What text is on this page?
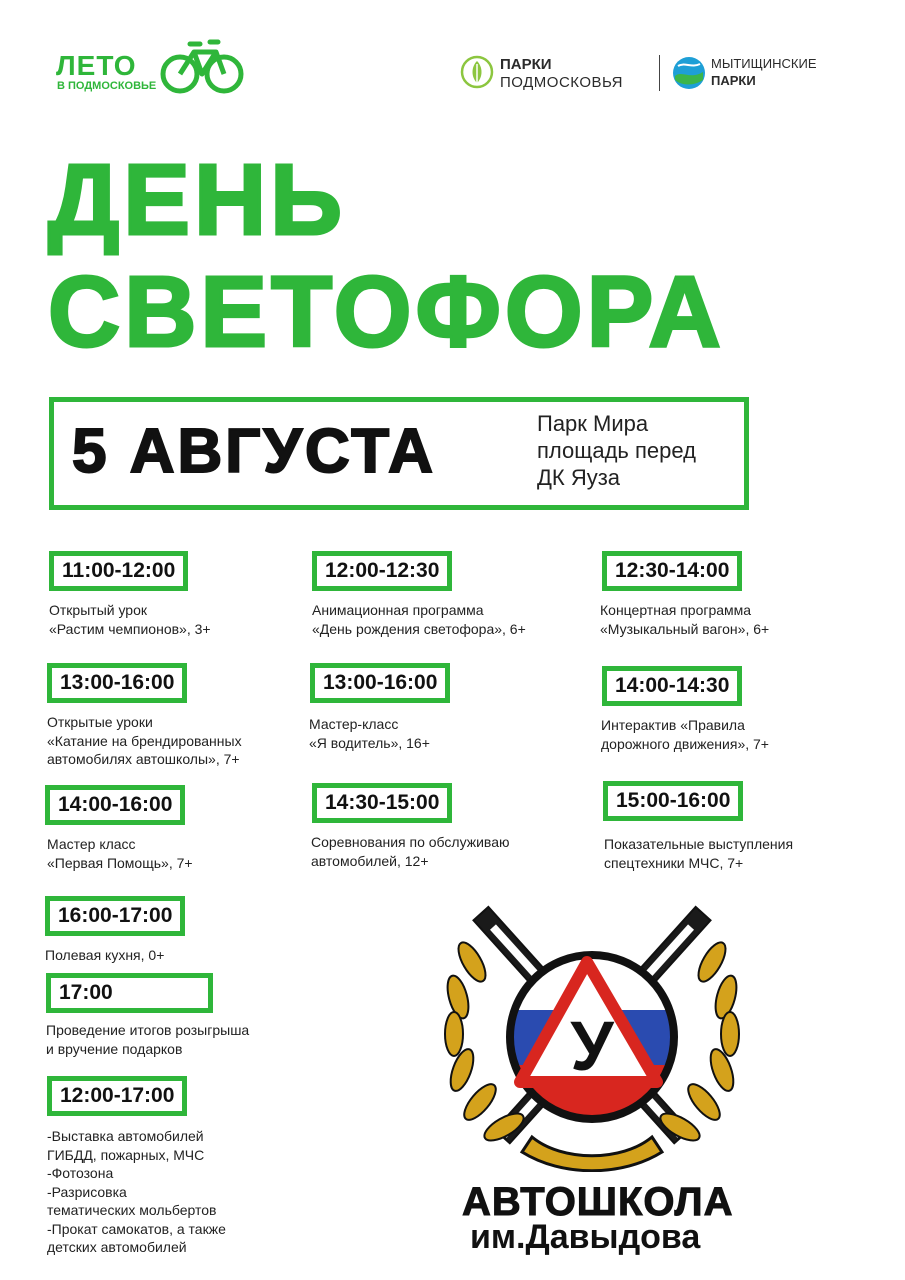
ЛЕТО
В ПОДМОСКОВЬЕ
ПАРКИ
ПОДМОСКОВЬЯ
МЫТИЩИНСКИЕ
ПАРКИ
ДЕНЬ
СВЕТОФОРА
5 АВГУСТА	Парк Мира
площадь перед
ДК Яуза
11:00-12:00
Открытый урок
«Растим чемпионов», 3+
12:00-12:30
Анимационная программа
«День рождения светофора», 6+
12:30-14:00
Концертная программа
«Музыкальный вагон», 6+
13:00-16:00
Открытые уроки
«Катание на брендированных
автомобилях автошколы», 7+
13:00-16:00
Мастер-класс
«Я водитель», 16+
14:00-14:30
Интерактив «Правила
дорожного движения», 7+
14:00-16:00
Мастер класс
«Первая Помощь», 7+
14:30-15:00
Соревнования по обслуживаю
автомобилей, 12+
15:00-16:00
Показательные выступления
спецтехники МЧС, 7+
16:00-17:00
Полевая кухня, 0+
17:00
Проведение итогов розыгрыша
и вручение подарков
12:00-17:00
-Выставка автомобилей
ГИБДД, пожарных, МЧС
-Фотозона
-Разрисовка
тематических мольбертов
-Прокат самокатов, а также
детских автомобилей
У
АВТОШКОЛА
им.Давыдова
